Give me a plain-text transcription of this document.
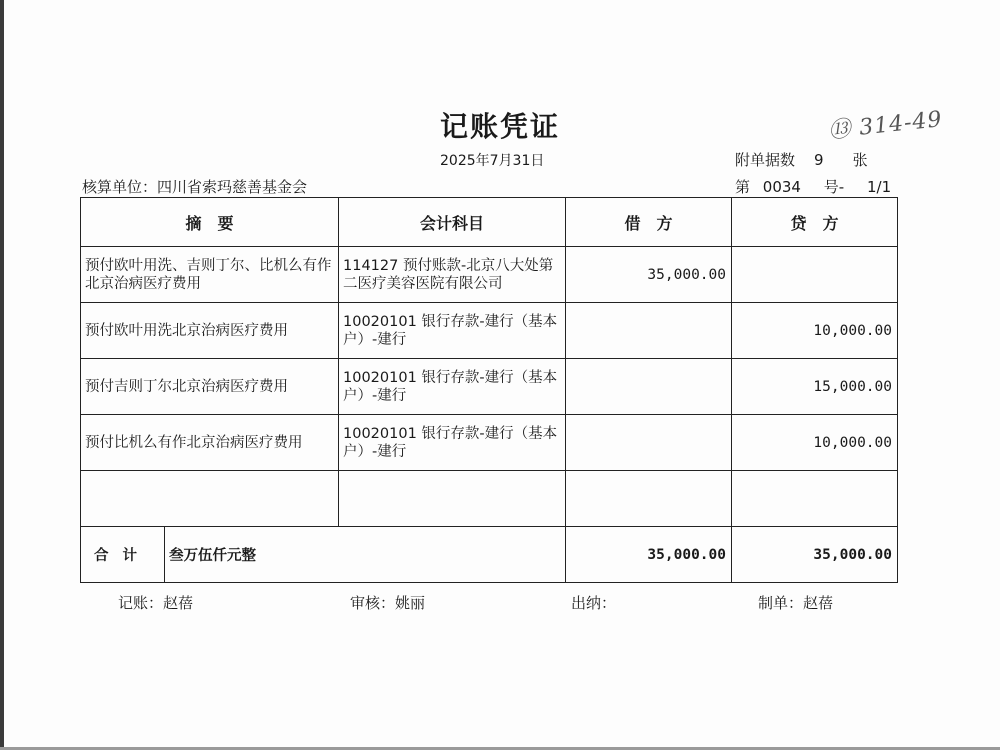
记账凭证	⑬ 314-49
2025年7月31日	附单据数 9 张
核算单位：四川省索玛慈善基金会	第 0034 号- 1/1
摘　要		会计科目	借　方	贷　方
预付欧叶用洗、吉则丁尔、比机么有作北京治病医疗费用		114127 预付账款-北京八大处第二医疗美容医院有限公司	35,000.00	
预付欧叶用洗北京治病医疗费用		10020101 银行存款-建行（基本户）-建行		10,000.00
预付吉则丁尔北京治病医疗费用		10020101 银行存款-建行（基本户）-建行		15,000.00
预付比机么有作北京治病医疗费用		10020101 银行存款-建行（基本户）-建行		10,000.00

合计	叁万伍仟元整		35,000.00	35,000.00
记账：赵蓓	审核：姚丽	出纳：	制单：赵蓓
